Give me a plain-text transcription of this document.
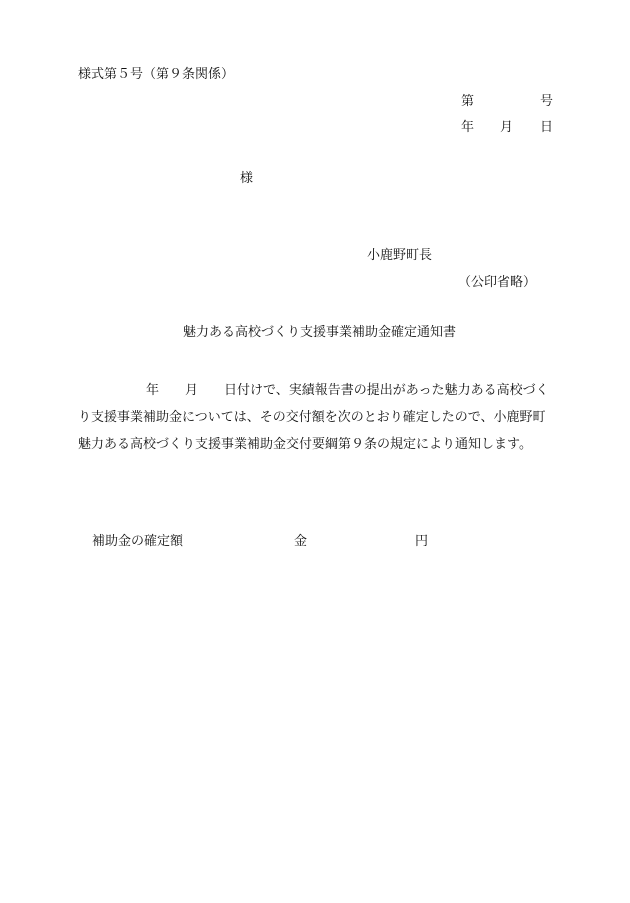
様式第５号（第９条関係）
第	号
年 月 日
様
小鹿野町長
（公印省略）
魅力ある高校づくり支援事業補助金確定通知書
年 月 日付けで、実績報告書の提出があった魅力ある高校づく
り支援事業補助金については、その交付額を次のとおり確定したので、小鹿野町
魅力ある高校づくり支援事業補助金交付要綱第９条の規定により通知します。
補助金の確定額	金	円
